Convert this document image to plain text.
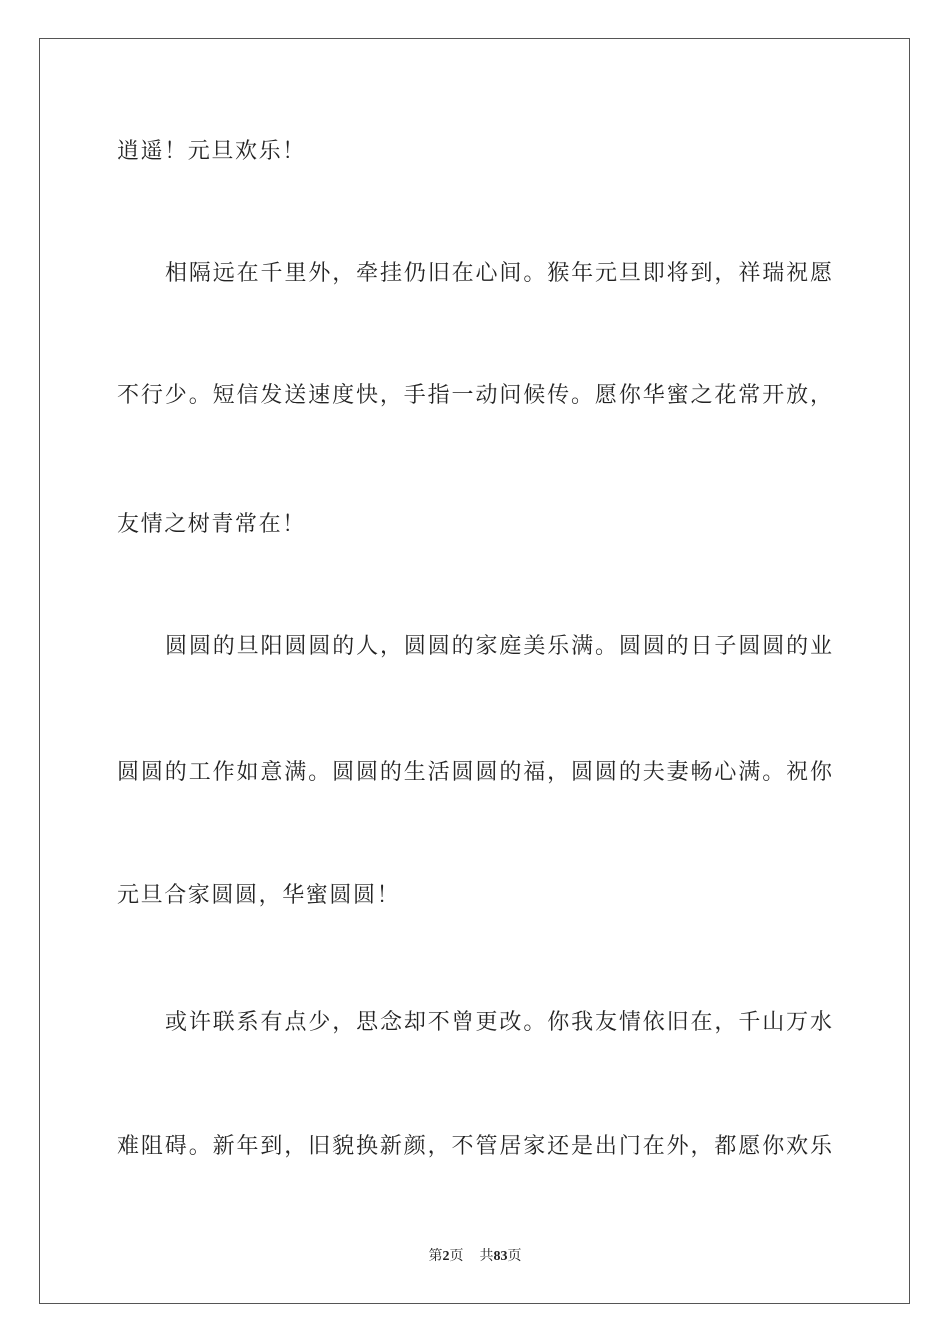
逍遥！元旦欢乐！
相隔远在千里外，牵挂仍旧在心间。猴年元旦即将到，祥瑞祝愿
不行少。短信发送速度快，手指一动问候传。愿你华蜜之花常开放，
友情之树青常在！
圆圆的旦阳圆圆的人，圆圆的家庭美乐满。圆圆的日子圆圆的业
圆圆的工作如意满。圆圆的生活圆圆的福，圆圆的夫妻畅心满。祝你
元旦合家圆圆，华蜜圆圆！
或许联系有点少，思念却不曾更改。你我友情依旧在，千山万水
难阻碍。新年到，旧貌换新颜，不管居家还是出门在外，都愿你欢乐
第2页 共83页
